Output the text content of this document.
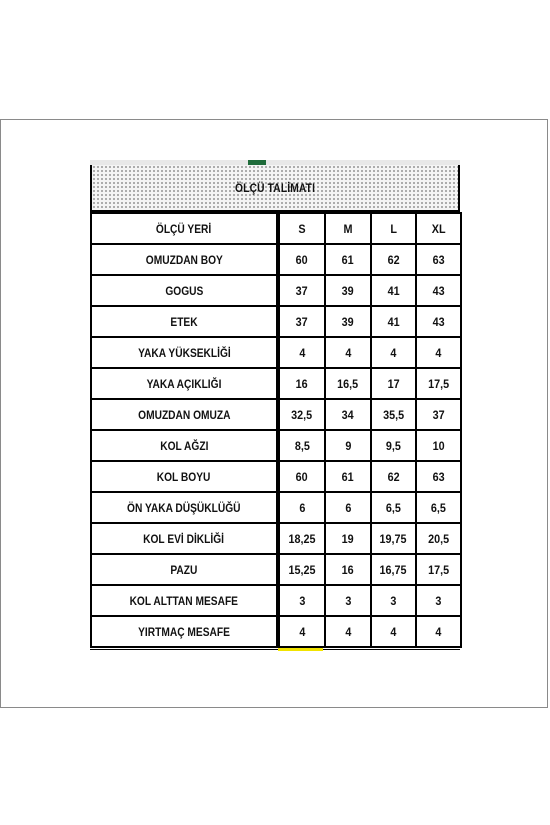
ÖLÇÜ TALİMATI
ÖLÇÜ YERİ		S	M	L	XL
OMUZDAN BOY		60	61	62	63
GOGUS		37	39	41	43
ETEK		37	39	41	43
YAKA YÜKSEKLİĞİ		4	4	4	4
YAKA AÇIKLIĞI		16	16,5	17	17,5
OMUZDAN OMUZA		32,5	34	35,5	37
KOL AĞZI		8,5	9	9,5	10
KOL BOYU		60	61	62	63
ÖN YAKA DÜŞÜKLÜĞÜ		6	6	6,5	6,5
KOL EVİ DİKLİĞİ		18,25	19	19,75	20,5
PAZU		15,25	16	16,75	17,5
KOL ALTTAN MESAFE		3	3	3	3
YIRTMAÇ MESAFE		4	4	4	4
